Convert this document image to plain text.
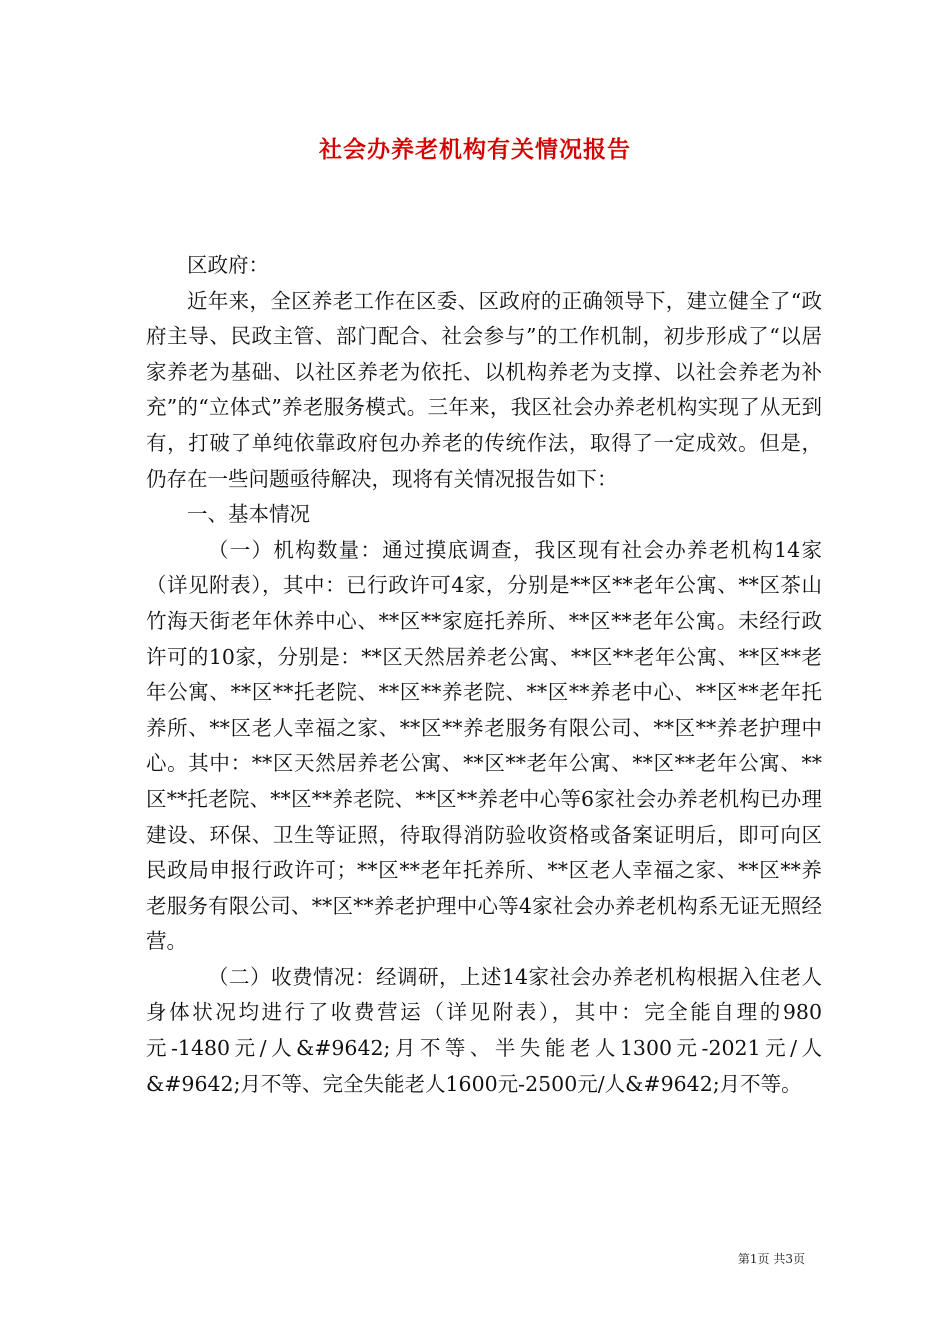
社会办养老机构有关情况报告

区政府：

近年来，全区养老工作在区委、区政府的正确领导下，建立健全了“政府主导、民政主管、部门配合、社会参与”的工作机制，初步形成了“以居家养老为基础、以社区养老为依托、以机构养老为支撑、以社会养老为补充”的“立体式”养老服务模式。三年来，我区社会办养老机构实现了从无到有，打破了单纯依靠政府包办养老的传统作法，取得了一定成效。但是，仍存在一些问题亟待解决，现将有关情况报告如下：

一、基本情况

（一）机构数量：通过摸底调查，我区现有社会办养老机构14家（详见附表），其中：已行政许可4家，分别是**区**老年公寓、**区茶山竹海天街老年休养中心、**区**家庭托养所、**区**老年公寓。未经行政许可的10家，分别是：**区天然居养老公寓、**区**老年公寓、**区**老年公寓、**区**托老院、**区**养老院、**区**养老中心、**区**老年托养所、**区老人幸福之家、**区**养老服务有限公司、**区**养老护理中心。其中：**区天然居养老公寓、**区**老年公寓、**区**老年公寓、**区**托老院、**区**养老院、**区**养老中心等6家社会办养老机构已办理建设、环保、卫生等证照，待取得消防验收资格或备案证明后，即可向区民政局申报行政许可；**区**老年托养所、**区老人幸福之家、**区**养老服务有限公司、**区**养老护理中心等4家社会办养老机构系无证无照经营。

（二）收费情况：经调研，上述14家社会办养老机构根据入住老人身体状况均进行了收费营运（详见附表），其中：完全能自理的980元-1480元/人&#9642;月不等、半失能老人1300元-2021元/人&#9642;月不等、完全失能老人1600元-2500元/人&#9642;月不等。

第1页 共3页
